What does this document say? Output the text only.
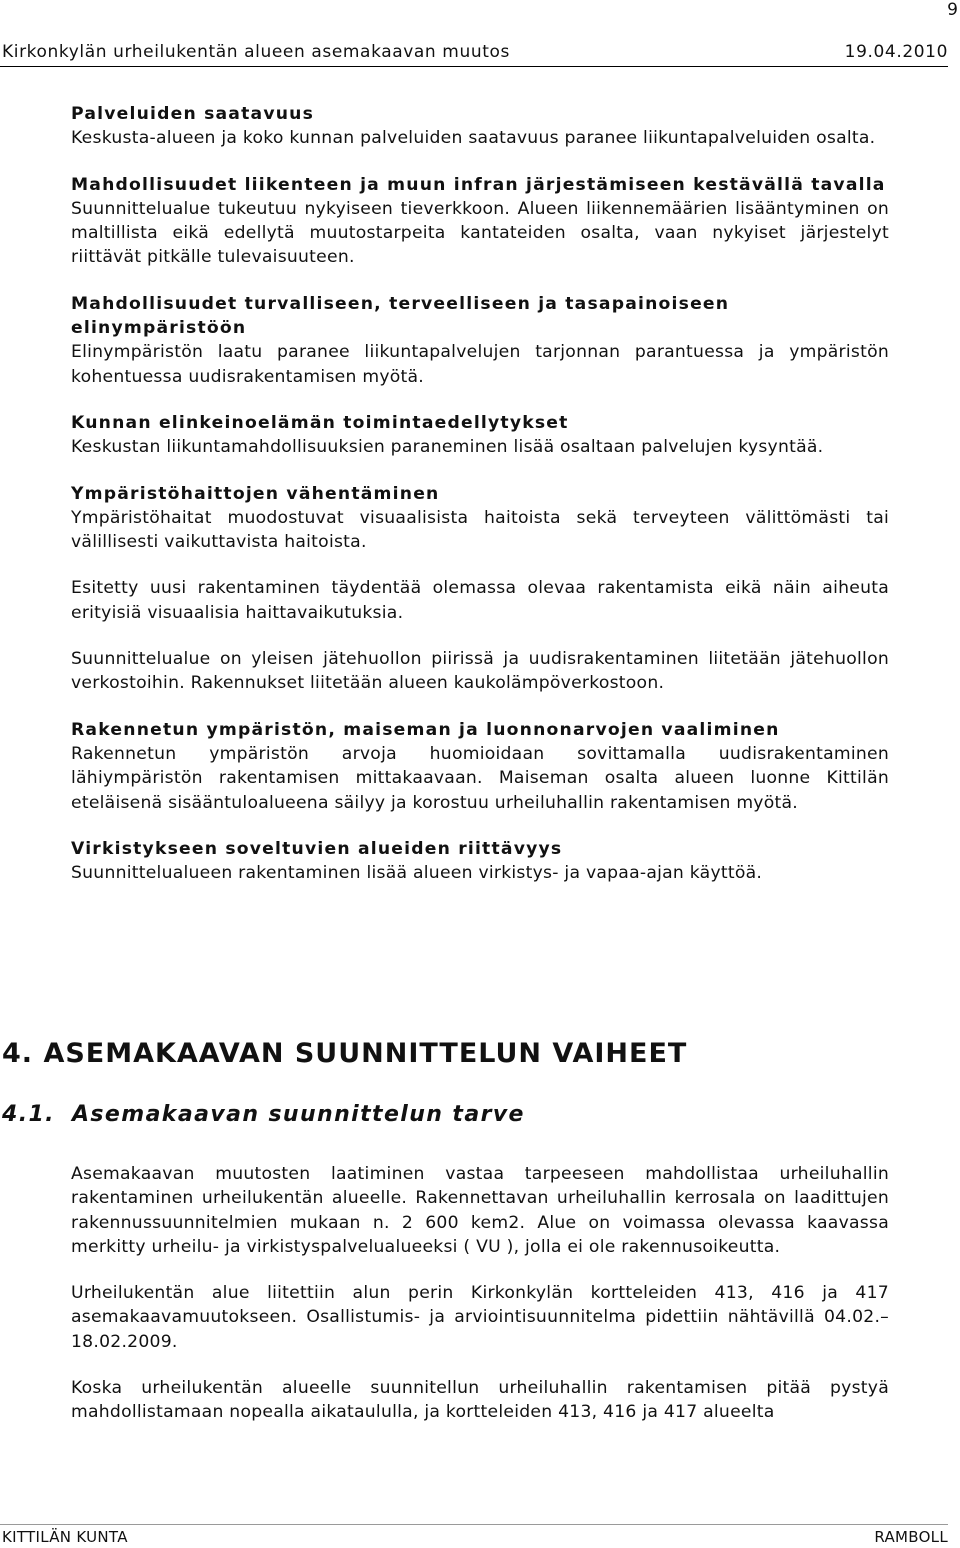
9
Kirkonkylän urheilukentän alueen asemakaavan muutos	19.04.2010
Palveluiden saatavuus

Keskusta-alueen ja koko kunnan palveluiden saatavuus paranee liikuntapalveluiden osalta.

Mahdollisuudet liikenteen ja muun infran järjestämiseen kestävällä tavalla

Suunnittelualue tukeutuu nykyiseen tieverkkoon. Alueen liikennemäärien lisääntyminen on maltillista eikä edellytä muutostarpeita kantateiden osalta, vaan nykyiset järjestelyt riittävät pitkälle tulevaisuuteen.

Mahdollisuudet turvalliseen, terveelliseen ja tasapainoiseen elinympäristöön

Elinympäristön laatu paranee liikuntapalvelujen tarjonnan parantuessa ja ympäristön kohentuessa uudisrakentamisen myötä.

Kunnan elinkeinoelämän toimintaedellytykset

Keskustan liikuntamahdollisuuksien paraneminen lisää osaltaan palvelujen kysyntää.

Ympäristöhaittojen vähentäminen

Ympäristöhaitat muodostuvat visuaalisista haitoista sekä terveyteen välittömästi tai välillisesti vaikuttavista haitoista.

Esitetty uusi rakentaminen täydentää olemassa olevaa rakentamista eikä näin aiheuta erityisiä visuaalisia haittavaikutuksia.

Suunnittelualue on yleisen jätehuollon piirissä ja uudisrakentaminen liitetään jätehuollon verkostoihin. Rakennukset liitetään alueen kaukolämpöverkostoon.

Rakennetun ympäristön, maiseman ja luonnonarvojen vaaliminen

Rakennetun ympäristön arvoja huomioidaan sovittamalla uudisrakentaminen lähiympäristön rakentamisen mittakaavaan. Maiseman osalta alueen luonne Kittilän eteläisenä sisääntuloalueena säilyy ja korostuu urheiluhallin rakentamisen myötä.

Virkistykseen soveltuvien alueiden riittävyys

Suunnittelualueen rakentaminen lisää alueen virkistys- ja vapaa-ajan käyttöä.

4. ASEMAKAAVAN SUUNNITTELUN VAIHEET
4.1. Asemakaavan suunnittelun tarve

Asemakaavan muutosten laatiminen vastaa tarpeeseen mahdollistaa urheiluhallin rakentaminen urheilukentän alueelle. Rakennettavan urheiluhallin kerrosala on laadittujen rakennussuunnitelmien mukaan n. 2 600 kem2. Alue on voimassa olevassa kaavassa merkitty urheilu- ja virkistyspalvelualueeksi ( VU ), jolla ei ole rakennusoikeutta.

Urheilukentän alue liitettiin alun perin Kirkonkylän kortteleiden 413, 416 ja 417 asemakaavamuutokseen. Osallistumis- ja arviointisuunnitelma pidettiin nähtävillä 04.02.–18.02.2009.

Koska urheilukentän alueelle suunnitellun urheiluhallin rakentamisen pitää pystyä mahdollistamaan nopealla aikataululla, ja kortteleiden 413, 416 ja 417 alueelta

KITTILÄN KUNTA	RAMBOLL
